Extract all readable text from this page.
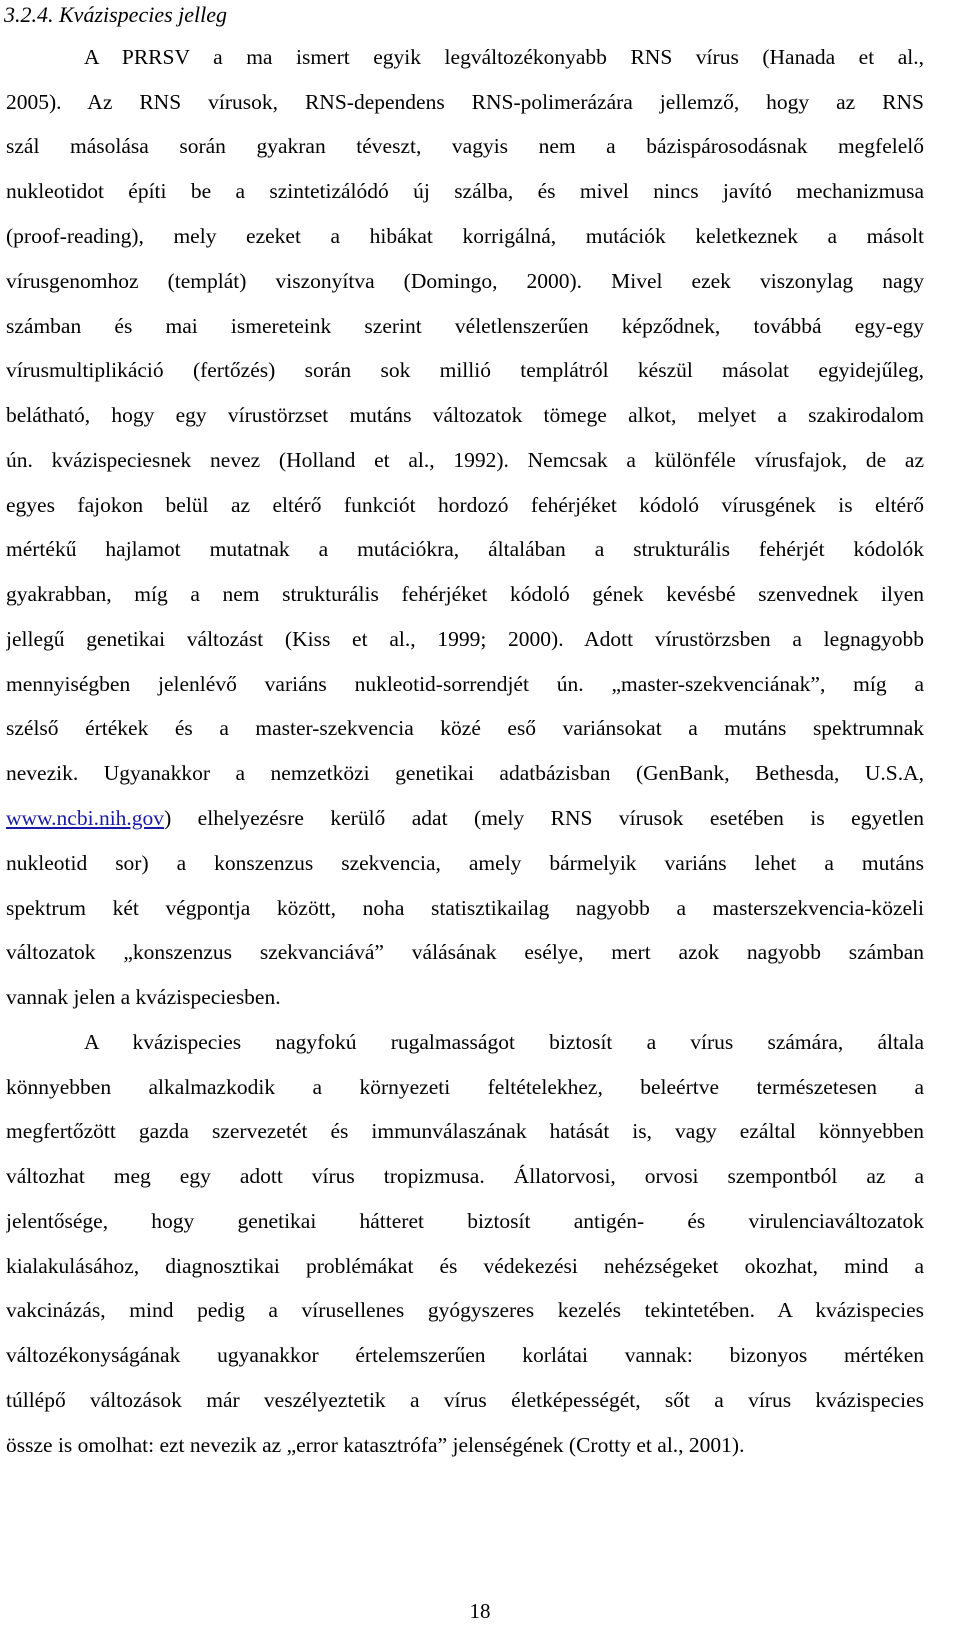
3.2.4. Kvázispecies jelleg
A PRRSV a ma ismert egyik legváltozékonyabb RNS vírus (Hanada et al.,
2005). Az RNS vírusok, RNS-dependens RNS-polimerázára jellemző, hogy az RNS
szál másolása során gyakran téveszt, vagyis nem a bázispárosodásnak megfelelő
nukleotidot építi be a szintetizálódó új szálba, és mivel nincs javító mechanizmusa
(proof-reading), mely ezeket a hibákat korrigálná, mutációk keletkeznek a másolt
vírusgenomhoz (templát) viszonyítva (Domingo, 2000). Mivel ezek viszonylag nagy
számban és mai ismereteink szerint véletlenszerűen képződnek, továbbá egy-egy
vírusmultiplikáció (fertőzés) során sok millió templátról készül másolat egyidejűleg,
belátható, hogy egy vírustörzset mutáns változatok tömege alkot, melyet a szakirodalom
ún. kvázispeciesnek nevez (Holland et al., 1992). Nemcsak a különféle vírusfajok, de az
egyes fajokon belül az eltérő funkciót hordozó fehérjéket kódoló vírusgének is eltérő
mértékű hajlamot mutatnak a mutációkra, általában a strukturális fehérjét kódolók
gyakrabban, míg a nem strukturális fehérjéket kódoló gének kevésbé szenvednek ilyen
jellegű genetikai változást (Kiss et al., 1999; 2000). Adott vírustörzsben a legnagyobb
mennyiségben jelenlévő variáns nukleotid-sorrendjét ún. „master-szekvenciának”, míg a
szélső értékek és a master-szekvencia közé eső variánsokat a mutáns spektrumnak
nevezik. Ugyanakkor a nemzetközi genetikai adatbázisban (GenBank, Bethesda, U.S.A,
www.ncbi.nih.gov) elhelyezésre kerülő adat (mely RNS vírusok esetében is egyetlen
nukleotid sor) a konszenzus szekvencia, amely bármelyik variáns lehet a mutáns
spektrum két végpontja között, noha statisztikailag nagyobb a masterszekvencia-közeli
változatok „konszenzus szekvanciává” válásának esélye, mert azok nagyobb számban
vannak jelen a kvázispeciesben.
A kvázispecies nagyfokú rugalmasságot biztosít a vírus számára, általa
könnyebben alkalmazkodik a környezeti feltételekhez, beleértve természetesen a
megfertőzött gazda szervezetét és immunválaszának hatását is, vagy ezáltal könnyebben
változhat meg egy adott vírus tropizmusa. Állatorvosi, orvosi szempontból az a
jelentősége, hogy genetikai hátteret biztosít antigén- és virulenciaváltozatok
kialakulásához, diagnosztikai problémákat és védekezési nehézségeket okozhat, mind a
vakcinázás, mind pedig a vírusellenes gyógyszeres kezelés tekintetében. A kvázispecies
változékonyságának ugyanakkor értelemszerűen korlátai vannak: bizonyos mértéken
túllépő változások már veszélyeztetik a vírus életképességét, sőt a vírus kvázispecies
össze is omolhat: ezt nevezik az „error katasztrófa” jelenségének (Crotty et al., 2001).
18
